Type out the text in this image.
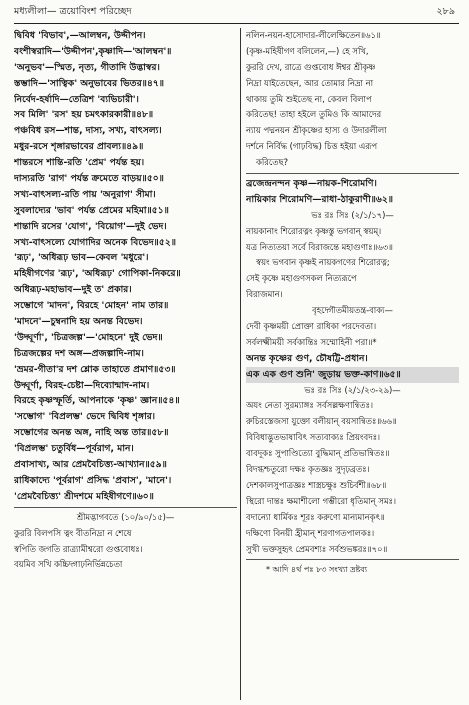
মধ্যলীলা— ত্রয়োবিংশ পরিচ্ছেদ	২৮৯
দ্বিবিধ 'বিভাব',—আলম্বন, উদ্দীপন।
বংশীস্বরাদি—'উদ্দীপন',কৃষ্ণাদি—'আলম্বন'॥
'অনুভব'—স্মিত, নৃত্য, গীতাদি উদ্ভাস্বর।
স্তম্ভাদি—'সাত্বিক' অনুভাবের ভিতর॥৪৭॥
নির্বেদ-হর্ষাদি—তেত্রিশ 'ব্যভিচারী'।
সব মিলি' 'রস' হয় চমৎকারকারী॥৪৮॥
পঞ্চবিধ রস—শান্ত, দাস্য, সখ্য, বাৎসল্য।
মধুর-রসে শৃঙ্গারভাবের প্রাবল্য॥৪৯॥
শান্তরসে শান্তি-রতি 'প্রেম' পর্যন্ত হয়।
দাস্যরতি 'রাগ' পর্যন্ত ক্রমেতে বাড়য়॥৫০॥
সখ্য-বাৎসল্য-রতি পায় 'অনুরাগ' সীমা।
সুবলাদ্যের 'ভাব' পর্যন্ত প্রেমের মহিমা॥৫১॥
শান্তাদি রসের 'যোগ', 'বিয়োগ'—দুই ভেদ।
সখ্য-বাৎসল্যে যোগাদির অনেক বিভেদ॥৫২॥
'রূঢ়', 'অধিরূঢ় ভাব—কেবল 'মধুরে'।
মহিষীগণের 'রূঢ়', 'অধিরূঢ়' গোপিকা-নিকরে॥
অধিরূঢ়-মহাভাব—দুই ত' প্রকার।
সম্ভোগে 'মাদন', বিরহে 'মোহন' নাম তার॥
'মাদনে'—চুম্বনাদি হয় অনন্ত বিভেদ।
'উদ্ঘূর্ণা', 'চিত্রজল্প'—'মোহনে' দুই ভেদ॥
চিত্রজল্পের দশ অঙ্গ—প্রজল্পাদি-নাম।
'ভ্রমর-গীতা'র দশ শ্লোক তাহাতে প্রমাণ॥৫৩॥
উদ্ঘূর্ণা, বিরহ-চেষ্টা—দিব্যোন্মাদ-নাম।
বিরহে কৃষ্ণস্ফূর্তি, আপনাকে 'কৃষ্ণ' জ্ঞান॥৫৪॥
'সম্ভোগ' 'বিপ্রলম্ভ' ভেদে দ্বিবিধ শৃঙ্গার।
সম্ভোগের অনন্ত অঙ্গ, নাহি অন্ত তার॥৫৮॥
'বিপ্রলম্ভ' চতুর্বিধ—পূর্বরাগ, মান।
প্রবাসাখ্য, আর প্রেমবৈচিত্ত্য-আখ্যান॥৫৯॥
রাধিকাদ্যে 'পূর্বরাগ' প্রসিদ্ধ 'প্রবাস', 'মানে'।
'প্রেমবৈচিত্ত্য' শ্রীদশমে মহিষীগণে॥৬০॥
শ্রীমদ্ভাগবতে (১০/৯০/১৫)—
কুররি বিলপসি ত্বং বীতনিদ্রা ন শেষে
স্বপিতি জগতি রাত্র্যামীশ্বরো গুপ্তবোধঃ।
বয়মিব সখি কচ্চিদ্গাঢ়নির্ভিন্নচেতা
নলিন-নয়ন-হাসোদার-লীলেক্ষিতেন॥৬১॥
(কৃষ্ণ-মহিষীগণ বলিলেন,—) হে সখি,
কুররি দেখ, রাত্রে গুপ্তবোধ ঈশ্বর শ্রীকৃষ্ণ
নিদ্রা যাইতেছেন, আর তোমার নিদ্রা না
থাকায় তুমি শুইতেছ না, কেবল বিলাপ
করিতেছ! তাহা হইলে তুমিও কি আমাদের
ন্যায় পদ্মনয়ন শ্রীকৃষ্ণের হাস্য ও উদারলীলা
দর্শনে নির্বিদ্ধ (গাঢ়বিদ্ধ) চিত্ত হইয়া এরূপ
করিতেছ?
ব্রজেন্দ্রনন্দন কৃষ্ণ—নায়ক-শিরোমণি।
নায়িকার শিরোমণি—রাধা-ঠাকুরাণী॥৬২॥
ভঃ রঃ সিঃ (২/১/১৭)—
নায়কানাং শিরোরত্নং কৃষ্ণস্তু ভগবান্ স্বয়ম্।
যত্র নিত্যতয়া সর্বে বিরাজন্তে মহাগুণাঃ॥৬৩॥
স্বয়ং ভগবান কৃষ্ণই নায়কগণের শিরোরত্ন;
সেই কৃষ্ণে মহাগুণসকল নিত্যরূপে
বিরাজমান।
বৃহদ্গৌতমীয়তন্ত্র-বাক্য—
দেবী কৃষ্ণময়ী প্রোক্তা রাধিকা পরদেবতা।
সর্বলক্ষ্মীময়ী সর্বকান্তিঃ সম্মোহিনী পরা॥*
অনন্ত কৃষ্ণের গুণ, চৌষট্টি-প্রধান।
এক এক গুণ শুনি' জুড়ায় ভক্ত-কাণ॥৬৫॥
ভঃ রঃ সিঃ (২/১/২৩-২৯)—
অযং নেতা সুরম্যাঙ্গঃ সর্বসল্লক্ষণান্বিতঃ।
রুচিরস্তেজসা যুক্তো বলীয়ান্ বয়সান্বিতঃ॥৬৬॥
বিবিধাদ্ভুতভাষাবিৎ সত্যবাক্যঃ প্রিয়ংবদঃ।
বাবদূকঃ সুপাণ্ডিত্যো বুদ্ধিমান্ প্রতিভান্বিতঃ॥
বিদগ্ধশ্চতুরো দক্ষঃ কৃতজ্ঞঃ সুদৃঢ়ব্রতঃ।
দেশকালসুপাত্রজ্ঞঃ শাস্ত্রচক্ষুঃ শুচির্বশী॥৬৮॥
স্থিরো দান্তঃ ক্ষমাশীলো গম্ভীরো ধৃতিমান্ সমঃ।
বদান্যো ধার্মিকঃ শূরঃ করুণো মান্যমানকৃৎ॥
দক্ষিণো বিনয়ী হ্রীমান্ শরণাগতপালকঃ।
সুখী ভক্তসুহৃৎ প্রেমবশ্যঃ সর্বশুভঙ্করঃ॥৭০॥
* আদি ৪র্থ পঃ ৮৩ সংখ্যা দ্রষ্টব্য
